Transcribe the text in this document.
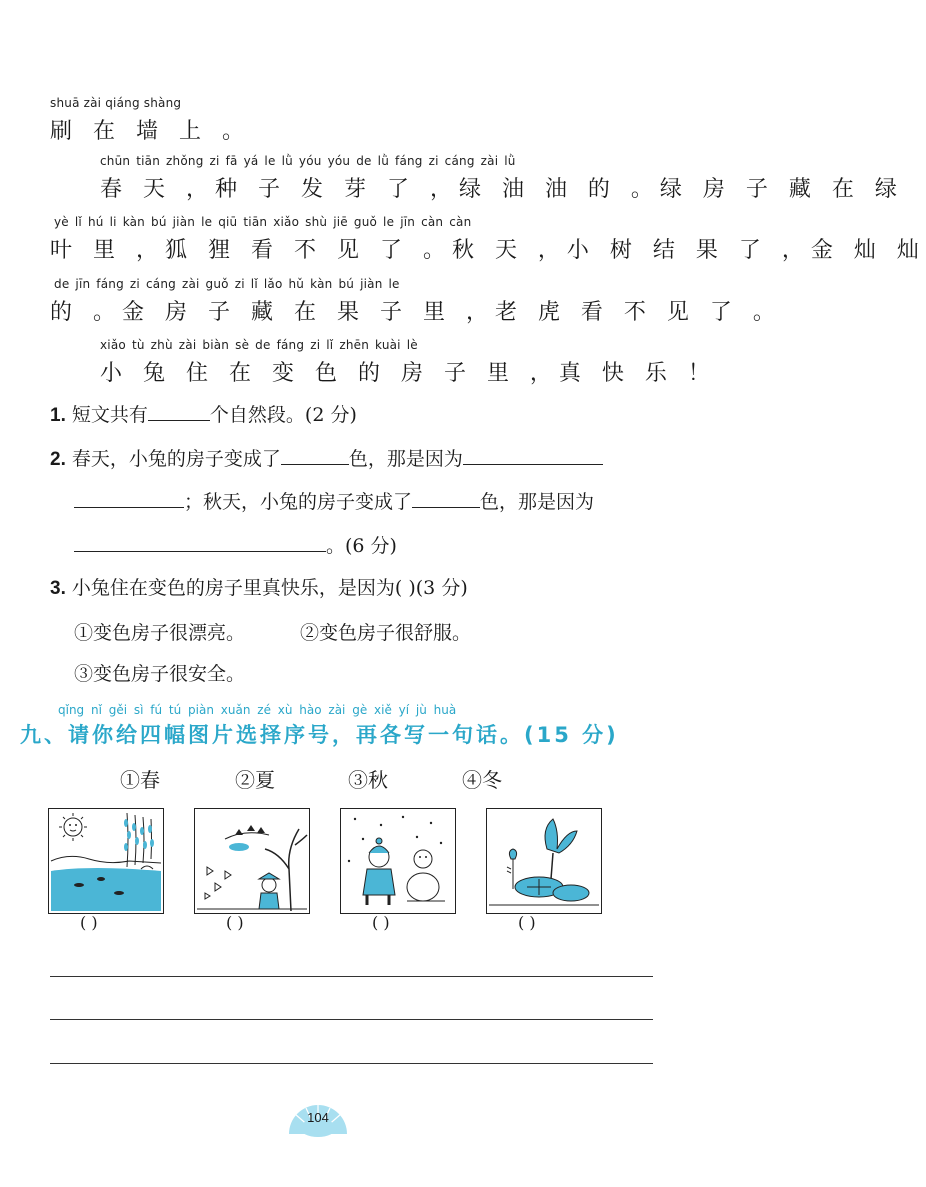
shuā zài qiáng shàng
刷 在 墙 上 。
chūn tiān zhǒng zi fā yá le lǜ yóu yóu de lǜ fáng zi cáng zài lǜ
春 天 ，种 子 发 芽 了 ，绿 油 油 的 。绿 房 子 藏 在 绿
yè lǐ hú li kàn bú jiàn le qiū tiān xiǎo shù jiē guǒ le jīn càn càn
叶 里 ，狐 狸 看 不 见 了 。秋 天 ，小 树 结 果 了 ，金 灿 灿
de jīn fáng zi cáng zài guǒ zi lǐ lǎo hǔ kàn bú jiàn le
的 。金 房 子 藏 在 果 子 里 ，老 虎 看 不 见 了 。
xiǎo tù zhù zài biàn sè de fáng zi lǐ zhēn kuài lè
小 兔 住 在 变 色 的 房 子 里 ，真 快 乐 ！
1. 短文共有	个自然段。(2 分)
2. 春天，小兔的房子变成了	色，那是因为
；秋天，小兔的房子变成了	色，那是因为
。(6 分)
3. 小兔住在变色的房子里真快乐，是因为( )(3 分)
①变色房子很漂亮。	②变色房子很舒服。
③变色房子很安全。
qǐng nǐ gěi sì fú tú piàn xuǎn zé xù hào zài gè xiě yí jù huà
九、请你给四幅图片选择序号，再各写一句话。(15 分)
①春	②夏	③秋	④冬
( )	( )	( )	( )
104
